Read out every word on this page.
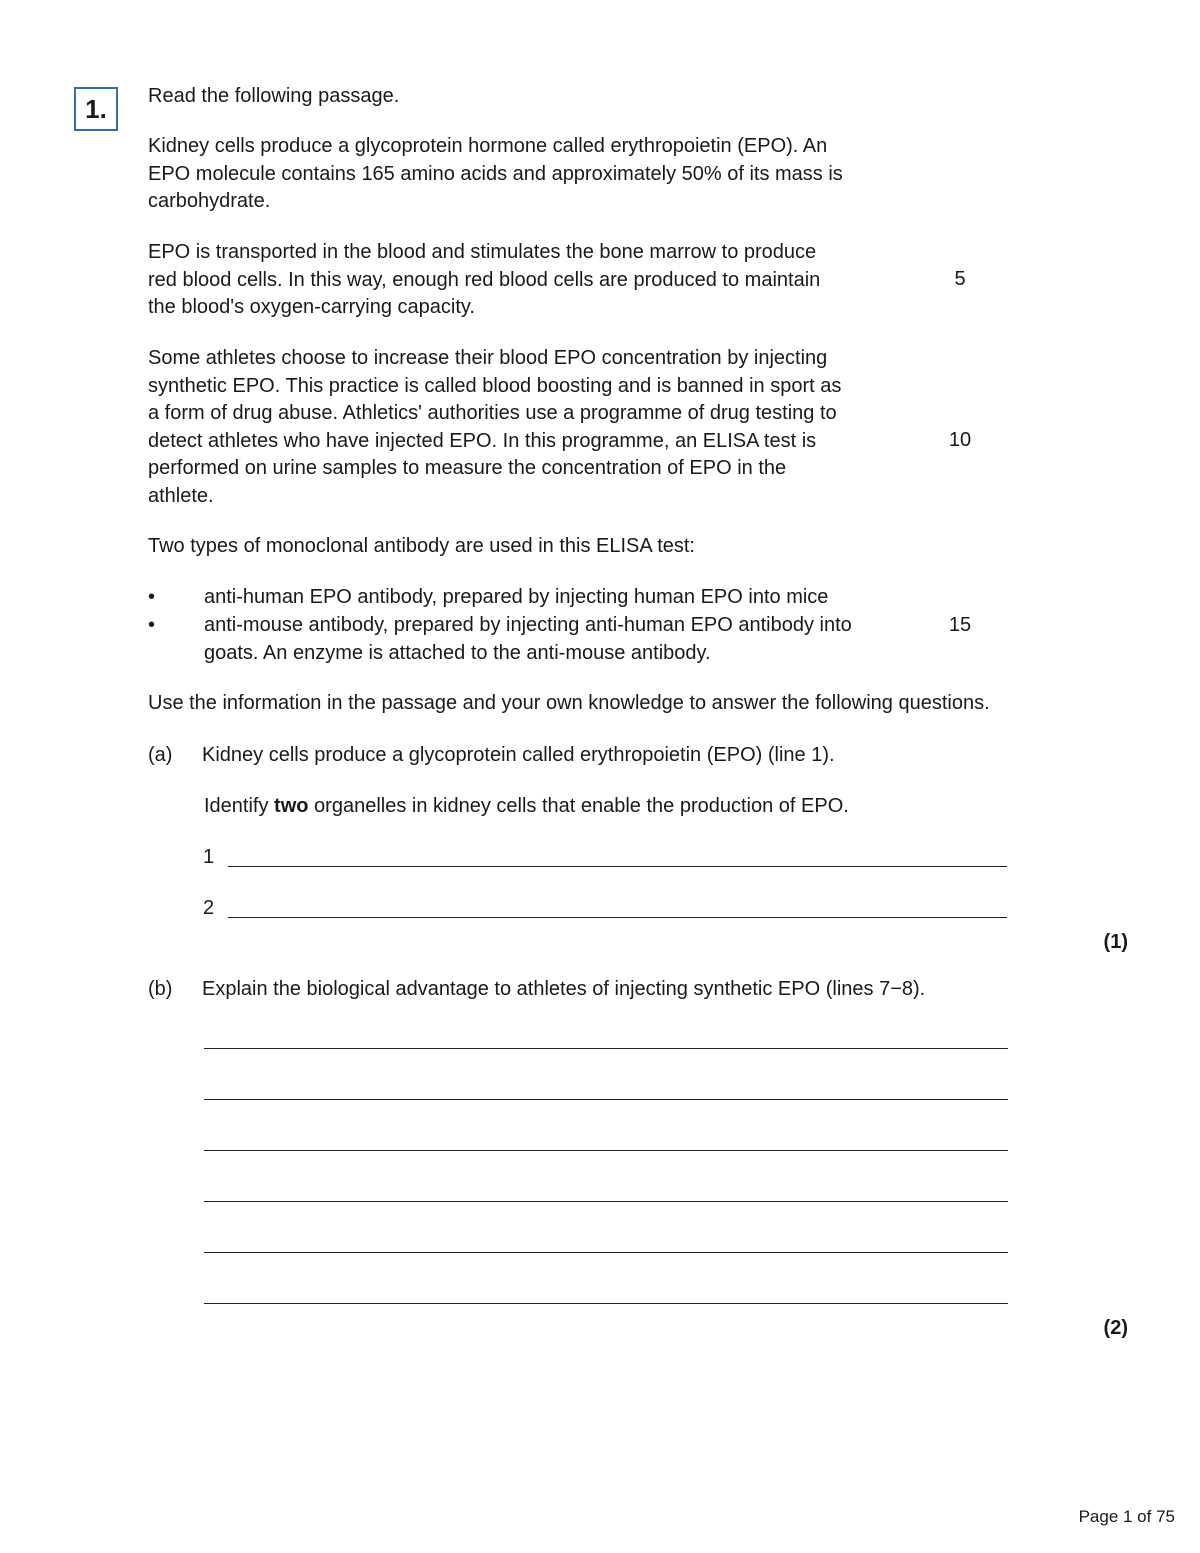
1.	Read the following passage.
Kidney cells produce a glycoprotein hormone called erythropoietin (EPO). An
EPO molecule contains 165 amino acids and approximately 50% of its mass is
carbohydrate.
EPO is transported in the blood and stimulates the bone marrow to produce
red blood cells. In this way, enough red blood cells are produced to maintain
the blood's oxygen-carrying capacity.
5
Some athletes choose to increase their blood EPO concentration by injecting
synthetic EPO. This practice is called blood boosting and is banned in sport as
a form of drug abuse. Athletics' authorities use a programme of drug testing to
detect athletes who have injected EPO. In this programme, an ELISA test is
performed on urine samples to measure the concentration of EPO in the
athlete.
10
Two types of monoclonal antibody are used in this ELISA test:
• anti-human EPO antibody, prepared by injecting human EPO into mice
• anti-mouse antibody, prepared by injecting anti-human EPO antibody into
goats. An enzyme is attached to the anti-mouse antibody.
15
Use the information in the passage and your own knowledge to answer the following questions.
(a) Kidney cells produce a glycoprotein called erythropoietin (EPO) (line 1).
Identify two organelles in kidney cells that enable the production of EPO.
1
2
(1)
(b) Explain the biological advantage to athletes of injecting synthetic EPO (lines 7−8).
(2)
Page 1 of 75
